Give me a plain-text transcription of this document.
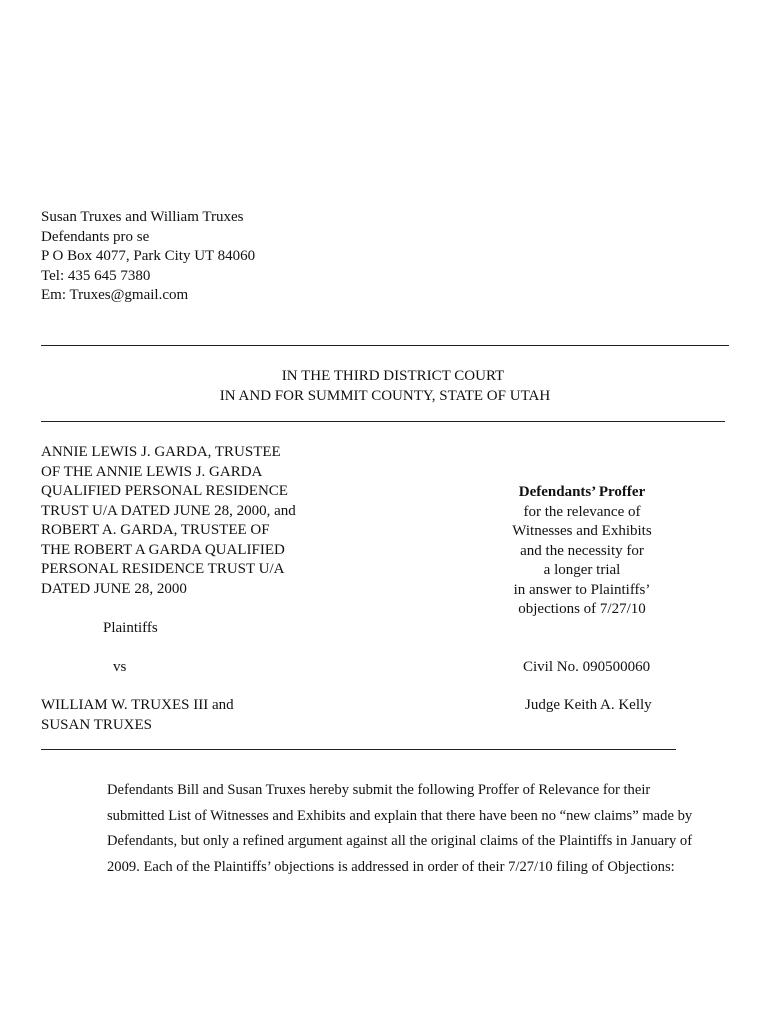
Susan Truxes and William Truxes
Defendants pro se
P O Box 4077, Park City UT 84060
Tel: 435 645 7380
Em: Truxes@gmail.com
IN THE THIRD DISTRICT COURT
IN AND FOR SUMMIT COUNTY, STATE OF UTAH
ANNIE LEWIS J. GARDA, TRUSTEE
OF THE ANNIE LEWIS J. GARDA
QUALIFIED PERSONAL RESIDENCE
TRUST U/A DATED JUNE 28, 2000, and
ROBERT A. GARDA, TRUSTEE OF
THE ROBERT A GARDA QUALIFIED
PERSONAL RESIDENCE TRUST U/A
DATED JUNE 28, 2000
Plaintiffs
vs
WILLIAM W. TRUXES III and
SUSAN TRUXES
Defendants’ Proffer
for the relevance of
Witnesses and Exhibits
and the necessity for
a longer trial
in answer to Plaintiffs’
objections of 7/27/10
Civil No. 090500060
Judge Keith A. Kelly
Defendants Bill and Susan Truxes hereby submit the following Proffer of Relevance for their
submitted List of Witnesses and Exhibits and explain that there have been no “new claims” made by
Defendants, but only a refined argument against all the original claims of the Plaintiffs in January of
2009. Each of the Plaintiffs’ objections is addressed in order of their 7/27/10 filing of Objections:
